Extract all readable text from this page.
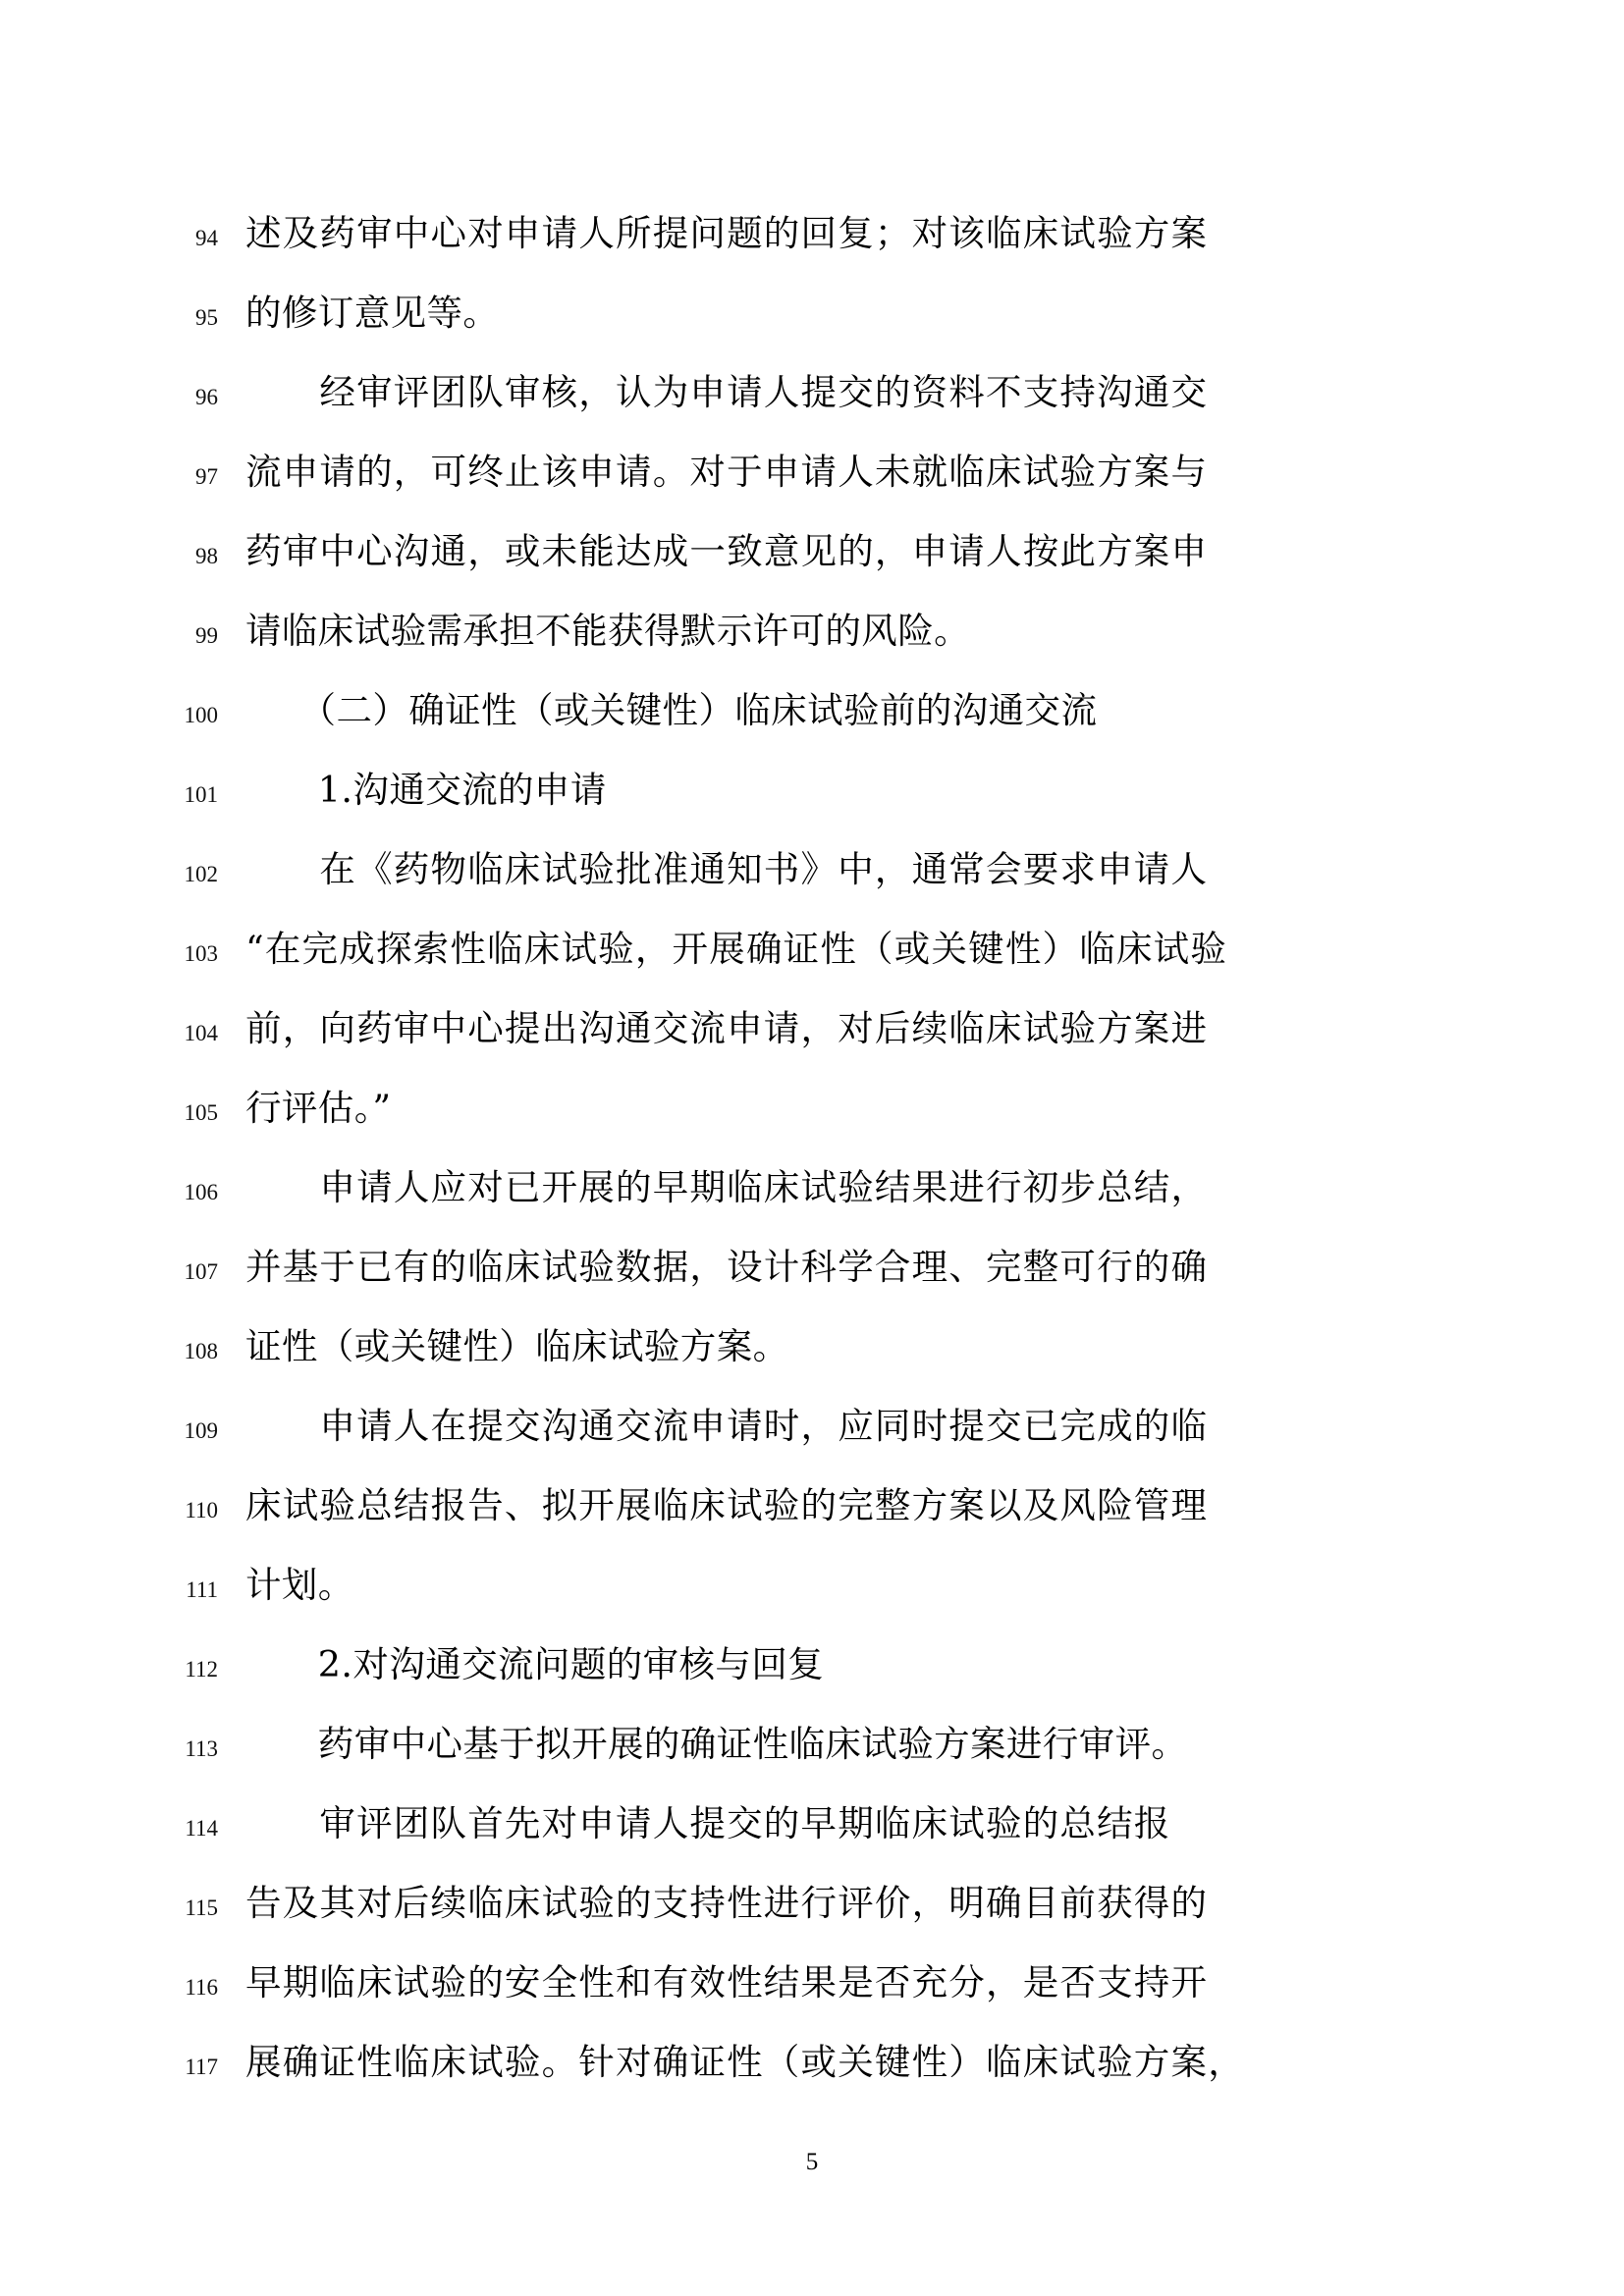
94 述及药审中心对申请人所提问题的回复；对该临床试验方案
95 的修订意见等。
96 　　经审评团队审核，认为申请人提交的资料不支持沟通交
97 流申请的，可终止该申请。对于申请人未就临床试验方案与
98 药审中心沟通，或未能达成一致意见的，申请人按此方案申
99 请临床试验需承担不能获得默示许可的风险。
100 　　（二）确证性（或关键性）临床试验前的沟通交流
101 　　1.沟通交流的申请
102 　　在《药物临床试验批准通知书》中，通常会要求申请人
103 “在完成探索性临床试验，开展确证性（或关键性）临床试验
104 前，向药审中心提出沟通交流申请，对后续临床试验方案进
105 行评估。”
106 　　申请人应对已开展的早期临床试验结果进行初步总结，
107 并基于已有的临床试验数据，设计科学合理、完整可行的确
108 证性（或关键性）临床试验方案。
109 　　申请人在提交沟通交流申请时，应同时提交已完成的临
110 床试验总结报告、拟开展临床试验的完整方案以及风险管理
111 计划。
112 　　2.对沟通交流问题的审核与回复
113 　　药审中心基于拟开展的确证性临床试验方案进行审评。
114 　　审评团队首先对申请人提交的早期临床试验的总结报
115 告及其对后续临床试验的支持性进行评价，明确目前获得的
116 早期临床试验的安全性和有效性结果是否充分，是否支持开
117 展确证性临床试验。针对确证性（或关键性）临床试验方案，
5
